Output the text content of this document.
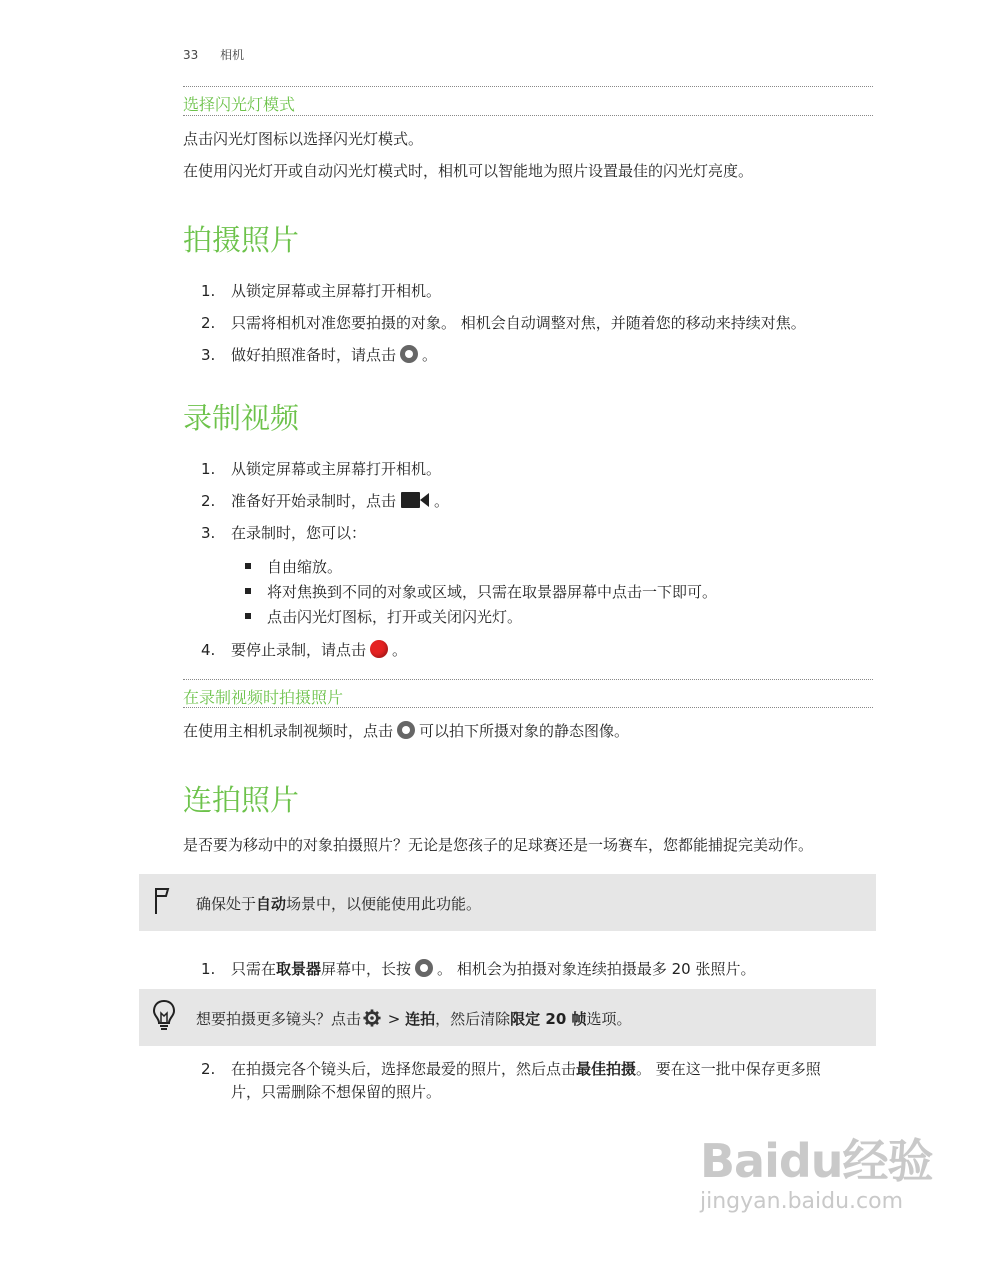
33 相机
选择闪光灯模式
点击闪光灯图标以选择闪光灯模式。
在使用闪光灯开或自动闪光灯模式时，相机可以智能地为照片设置最佳的闪光灯亮度。
拍摄照片
1. 从锁定屏幕或主屏幕打开相机。
2. 只需将相机对准您要拍摄的对象。 相机会自动调整对焦，并随着您的移动来持续对焦。
3. 做好拍照准备时，请点击 。
录制视频
1. 从锁定屏幕或主屏幕打开相机。
2. 准备好开始录制时，点击	。
3. 在录制时，您可以：
自由缩放。
将对焦换到不同的对象或区域，只需在取景器屏幕中点击一下即可。
点击闪光灯图标，打开或关闭闪光灯。
4. 要停止录制，请点击 。
在录制视频时拍摄照片
在使用主相机录制视频时，点击 可以拍下所摄对象的静态图像。
连拍照片
是否要为移动中的对象拍摄照片？无论是您孩子的足球赛还是一场赛车，您都能捕捉完美动作。
确保处于自动场景中，以便能使用此功能。
1. 只需在取景器屏幕中，长按 。 相机会为拍摄对象连续拍摄最多 20 张照片。
想要拍摄更多镜头？点击 > 连拍，然后清除限定 20 帧选项。
2. 在拍摄完各个镜头后，选择您最爱的照片，然后点击最佳拍摄。 要在这一批中保存更多照
片，只需删除不想保留的照片。
Baidu经验
jingyan.baidu.com
